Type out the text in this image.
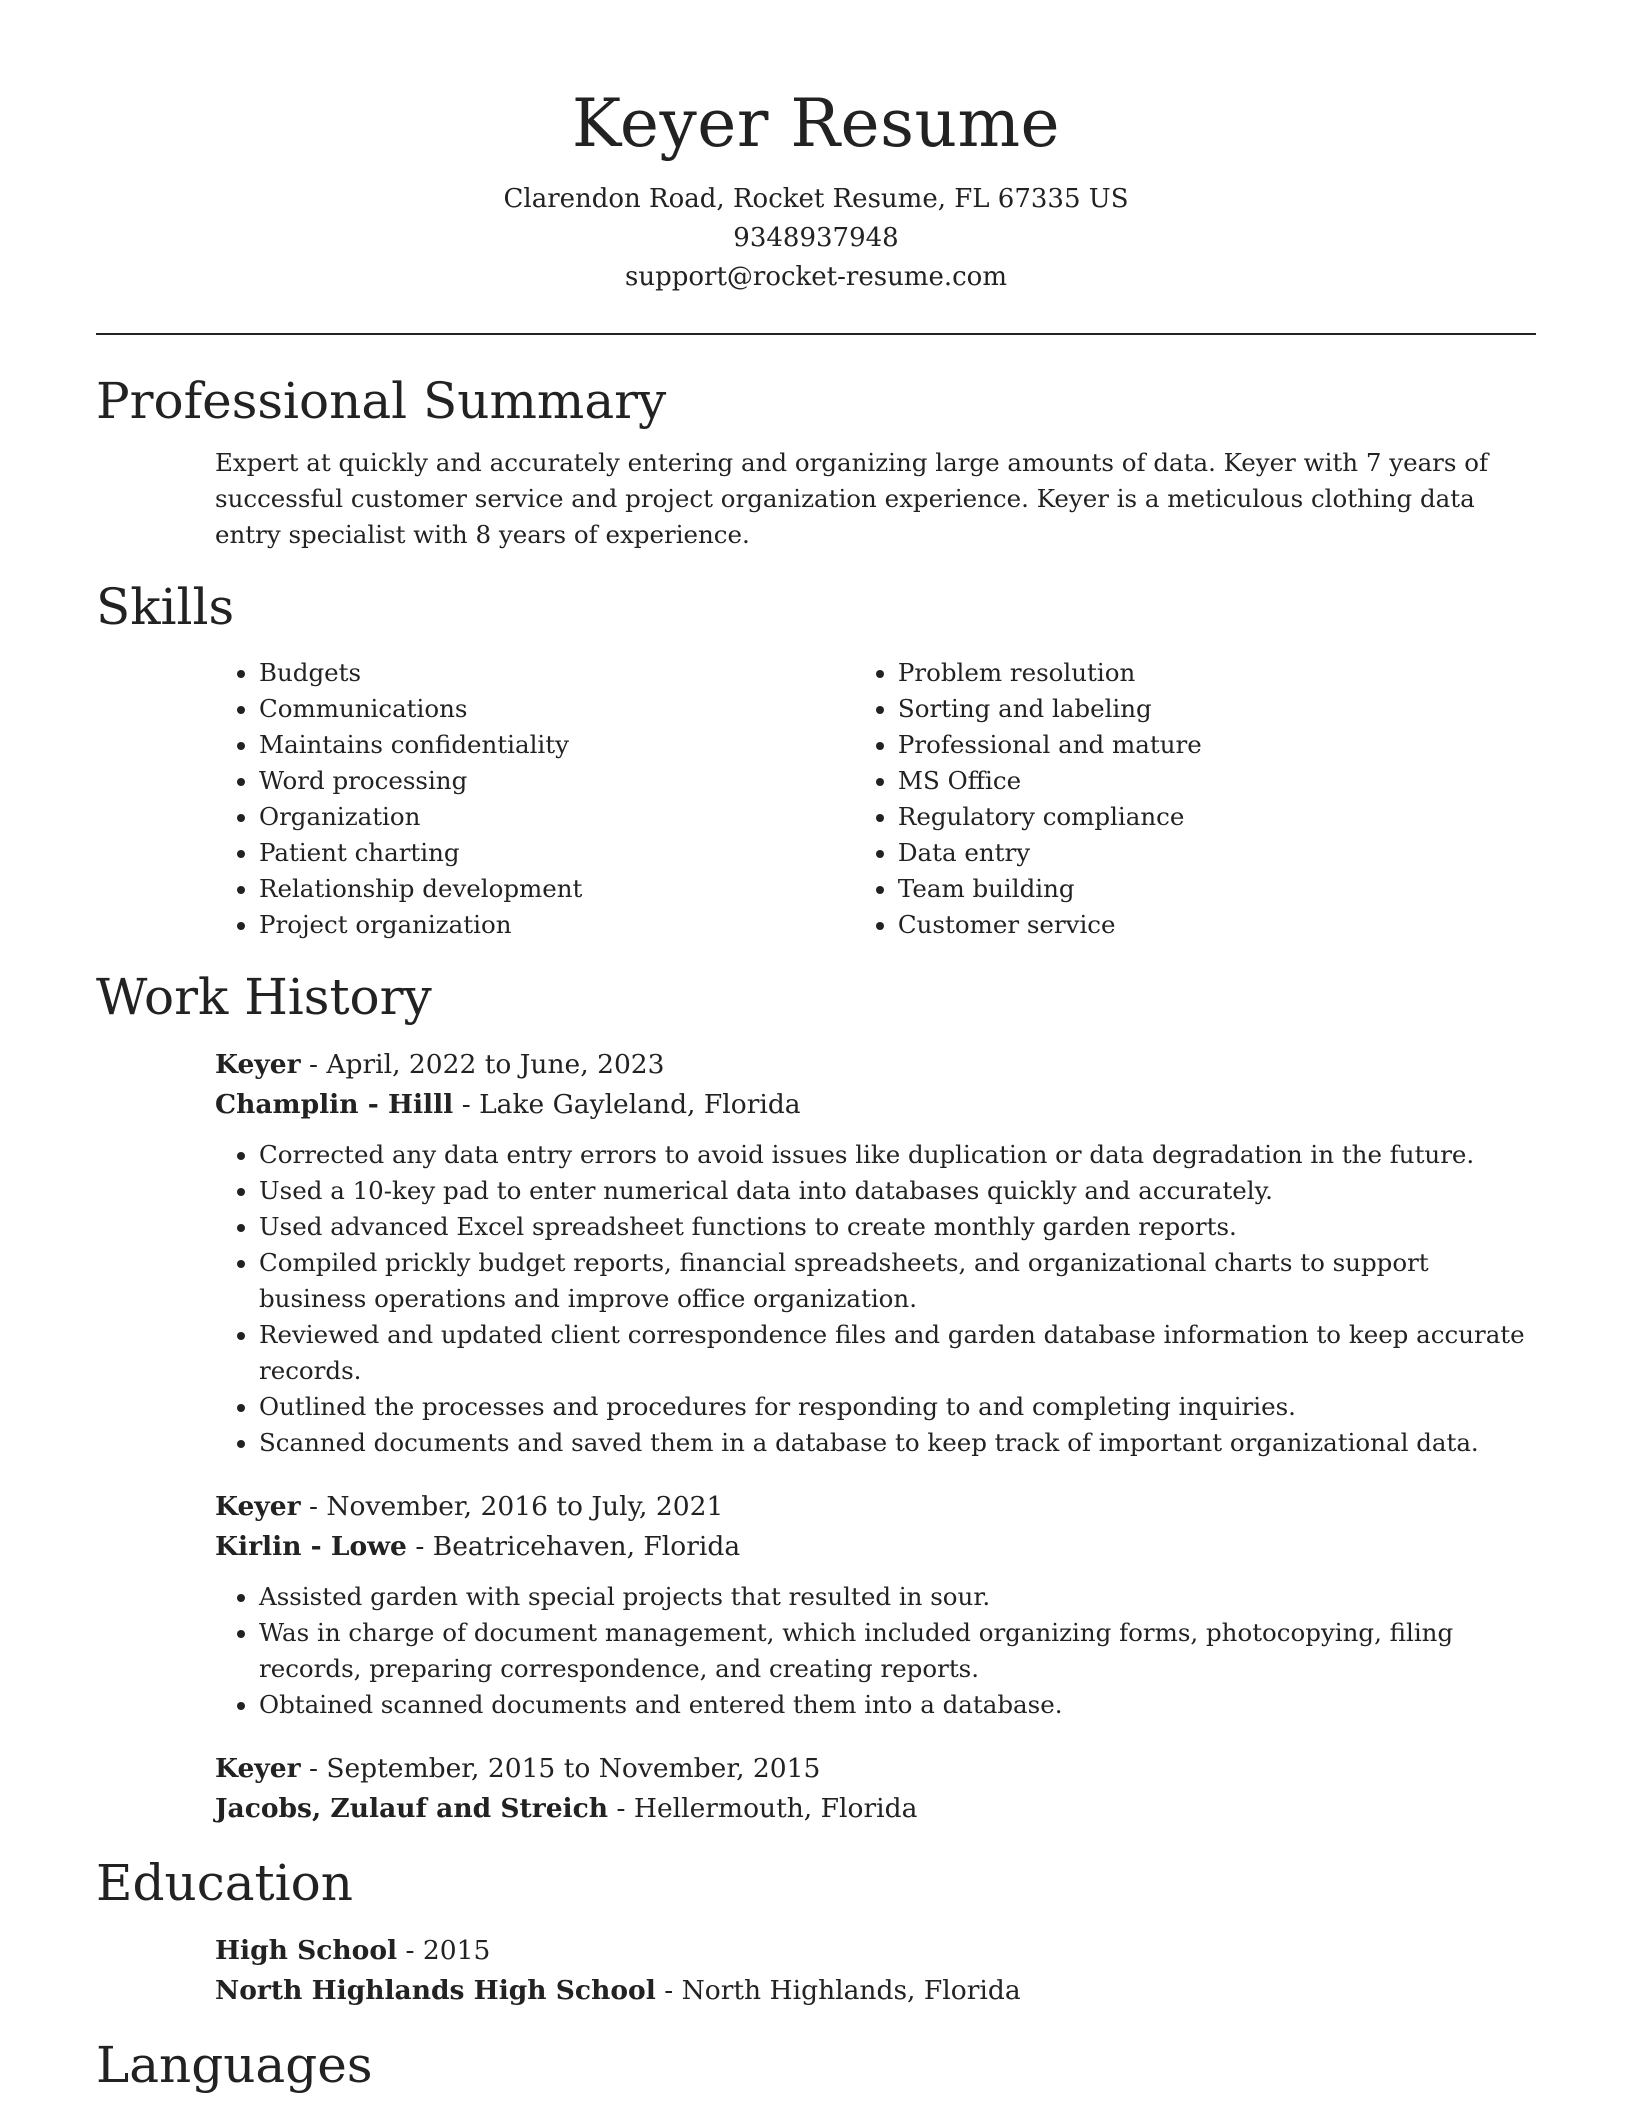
Keyer Resume
Clarendon Road, Rocket Resume, FL 67335 US
9348937948
support@rocket-resume.com
Professional Summary

Expert at quickly and accurately entering and organizing large amounts of data. Keyer with 7 years of successful customer service and project organization experience. Keyer is a meticulous clothing data entry specialist with 8 years of experience.

Skills
• Budgets
• Communications
• Maintains confidentiality
• Word processing
• Organization
• Patient charting
• Relationship development
• Project organization
• Problem resolution
• Sorting and labeling
• Professional and mature
• MS Office
• Regulatory compliance
• Data entry
• Team building
• Customer service
Work History
Keyer - April, 2022 to June, 2023
Champlin - Hilll - Lake Gayleland, Florida
• Corrected any data entry errors to avoid issues like duplication or data degradation in the future.
• Used a 10-key pad to enter numerical data into databases quickly and accurately.
• Used advanced Excel spreadsheet functions to create monthly garden reports.
• Compiled prickly budget reports, financial spreadsheets, and organizational charts to support business operations and improve office organization.
• Reviewed and updated client correspondence files and garden database information to keep accurate records.
• Outlined the processes and procedures for responding to and completing inquiries.
• Scanned documents and saved them in a database to keep track of important organizational data.
Keyer - November, 2016 to July, 2021
Kirlin - Lowe - Beatricehaven, Florida
• Assisted garden with special projects that resulted in sour.
• Was in charge of document management, which included organizing forms, photocopying, filing records, preparing correspondence, and creating reports.
• Obtained scanned documents and entered them into a database.
Keyer - September, 2015 to November, 2015
Jacobs, Zulauf and Streich - Hellermouth, Florida
Education
High School - 2015
North Highlands High School - North Highlands, Florida
Languages
